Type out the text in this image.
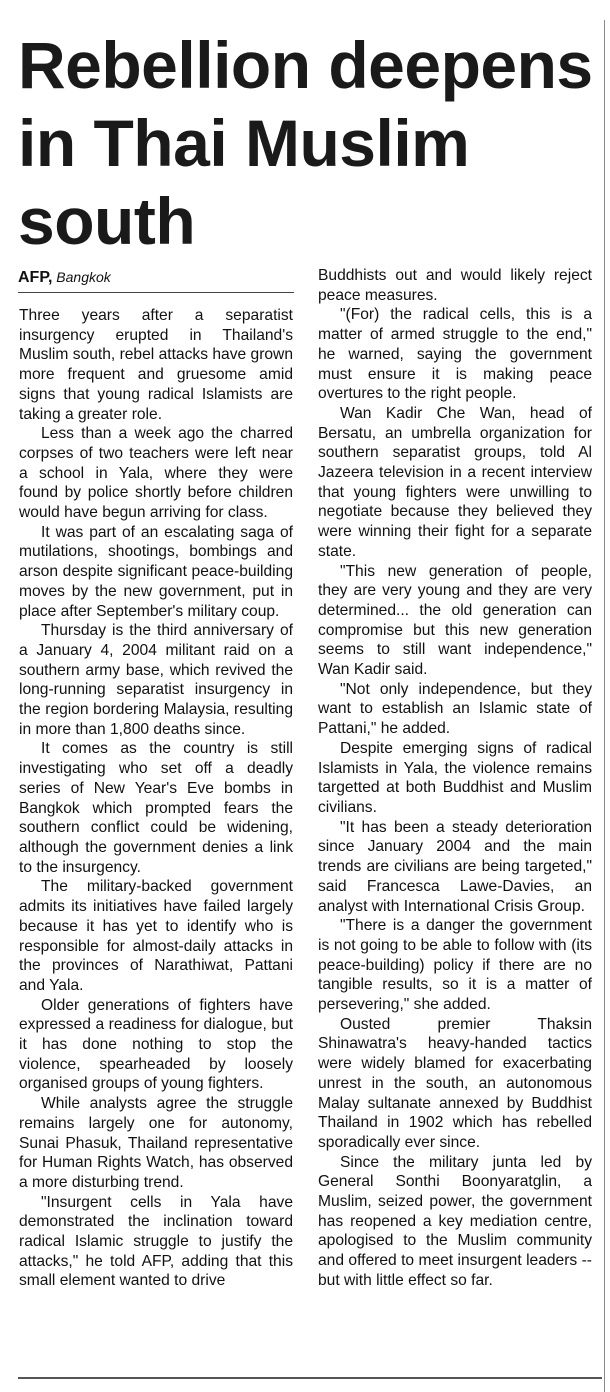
Rebellion deepens
in Thai Muslim
south
AFP, Bangkok

Three years after a separatist insurgency erupted in Thailand's Muslim south, rebel attacks have grown more frequent and gruesome amid signs that young radical Islamists are taking a greater role.

Less than a week ago the charred corpses of two teachers were left near a school in Yala, where they were found by police shortly before children would have begun arriving for class.

It was part of an escalating saga of mutilations, shootings, bombings and arson despite significant peace-building moves by the new government, put in place after September's military coup.

Thursday is the third anniversary of a January 4, 2004 militant raid on a southern army base, which revived the long-running separatist insurgency in the region bordering Malaysia, resulting in more than 1,800 deaths since.

It comes as the country is still investigating who set off a deadly series of New Year's Eve bombs in Bangkok which prompted fears the southern conflict could be widening, although the government denies a link to the insurgency.

The military-backed government admits its initiatives have failed largely because it has yet to identify who is responsible for almost-daily attacks in the provinces of Narathiwat, Pattani and Yala.

Older generations of fighters have expressed a readiness for dialogue, but it has done nothing to stop the violence, spearheaded by loosely organised groups of young fighters.

While analysts agree the struggle remains largely one for autonomy, Sunai Phasuk, Thailand representative for Human Rights Watch, has observed a more disturbing trend.

"Insurgent cells in Yala have demonstrated the inclination toward radical Islamic struggle to justify the attacks," he told AFP, adding that this small element wanted to drive

Buddhists out and would likely reject peace measures.

"(For) the radical cells, this is a matter of armed struggle to the end," he warned, saying the government must ensure it is making peace overtures to the right people.

Wan Kadir Che Wan, head of Bersatu, an umbrella organization for southern separatist groups, told Al Jazeera television in a recent interview that young fighters were unwilling to negotiate because they believed they were winning their fight for a separate state.

"This new generation of people, they are very young and they are very determined... the old generation can compromise but this new generation seems to still want independence," Wan Kadir said.

"Not only independence, but they want to establish an Islamic state of Pattani," he added.

Despite emerging signs of radical Islamists in Yala, the violence remains targetted at both Buddhist and Muslim civilians.

"It has been a steady deterioration since January 2004 and the main trends are civilians are being targeted," said Francesca Lawe-Davies, an analyst with International Crisis Group.

"There is a danger the government is not going to be able to follow with (its peace-building) policy if there are no tangible results, so it is a matter of persevering," she added.

Ousted premier Thaksin Shinawatra's heavy-handed tactics were widely blamed for exacerbating unrest in the south, an autonomous Malay sultanate annexed by Buddhist Thailand in 1902 which has rebelled sporadically ever since.

Since the military junta led by General Sonthi Boonyaratglin, a Muslim, seized power, the government has reopened a key mediation centre, apologised to the Muslim community and offered to meet insurgent leaders -- but with little effect so far.
